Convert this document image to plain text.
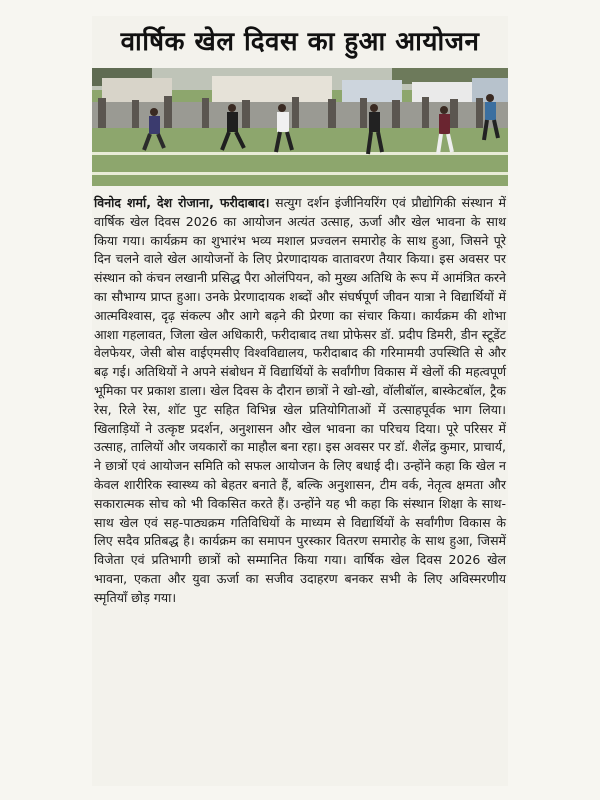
वार्षिक खेल दिवस का हुआ आयोजन
विनोद शर्मा, देश रोजाना, फरीदाबाद। सत्युग दर्शन इंजीनियरिंग एवं प्रौद्योगिकी संस्थान में वार्षिक खेल दिवस 2026 का आयोजन अत्यंत उत्साह, ऊर्जा और खेल भावना के साथ किया गया। कार्यक्रम का शुभारंभ भव्य मशाल प्रज्वलन समारोह के साथ हुआ, जिसने पूरे दिन चलने वाले खेल आयोजनों के लिए प्रेरणादायक वातावरण तैयार किया। इस अवसर पर संस्थान को कंचन लखानी प्रसिद्ध पैरा ओलंपियन, को मुख्य अतिथि के रूप में आमंत्रित करने का सौभाग्य प्राप्त हुआ। उनके प्रेरणादायक शब्दों और संघर्षपूर्ण जीवन यात्रा ने विद्यार्थियों में आत्मविश्वास, दृढ़ संकल्प और आगे बढ़ने की प्रेरणा का संचार किया। कार्यक्रम की शोभा आशा गहलावत, जिला खेल अधिकारी, फरीदाबाद तथा प्रोफेसर डॉ. प्रदीप डिमरी, डीन स्टूडेंट वेलफेयर, जेसी बोस वाईएमसीए विश्वविद्यालय, फरीदाबाद की गरिमामयी उपस्थिति से और बढ़ गई। अतिथियों ने अपने संबोधन में विद्यार्थियों के सर्वांगीण विकास में खेलों की महत्वपूर्ण भूमिका पर प्रकाश डाला। खेल दिवस के दौरान छात्रों ने खो-खो, वॉलीबॉल, बास्केटबॉल, ट्रैक रेस, रिले रेस, शॉट पुट सहित विभिन्न खेल प्रतियोगिताओं में उत्साहपूर्वक भाग लिया। खिलाड़ियों ने उत्कृष्ट प्रदर्शन, अनुशासन और खेल भावना का परिचय दिया। पूरे परिसर में उत्साह, तालियों और जयकारों का माहौल बना रहा। इस अवसर पर डॉ. शैलेंद्र कुमार, प्राचार्य, ने छात्रों एवं आयोजन समिति को सफल आयोजन के लिए बधाई दी। उन्होंने कहा कि खेल न केवल शारीरिक स्वास्थ्य को बेहतर बनाते हैं, बल्कि अनुशासन, टीम वर्क, नेतृत्व क्षमता और सकारात्मक सोच को भी विकसित करते हैं। उन्होंने यह भी कहा कि संस्थान शिक्षा के साथ-साथ खेल एवं सह-पाठ्यक्रम गतिविधियों के माध्यम से विद्यार्थियों के सर्वांगीण विकास के लिए सदैव प्रतिबद्ध है। कार्यक्रम का समापन पुरस्कार वितरण समारोह के साथ हुआ, जिसमें विजेता एवं प्रतिभागी छात्रों को सम्मानित किया गया। वार्षिक खेल दिवस 2026 खेल भावना, एकता और युवा ऊर्जा का सजीव उदाहरण बनकर सभी के लिए अविस्मरणीय स्मृतियाँ छोड़ गया।
